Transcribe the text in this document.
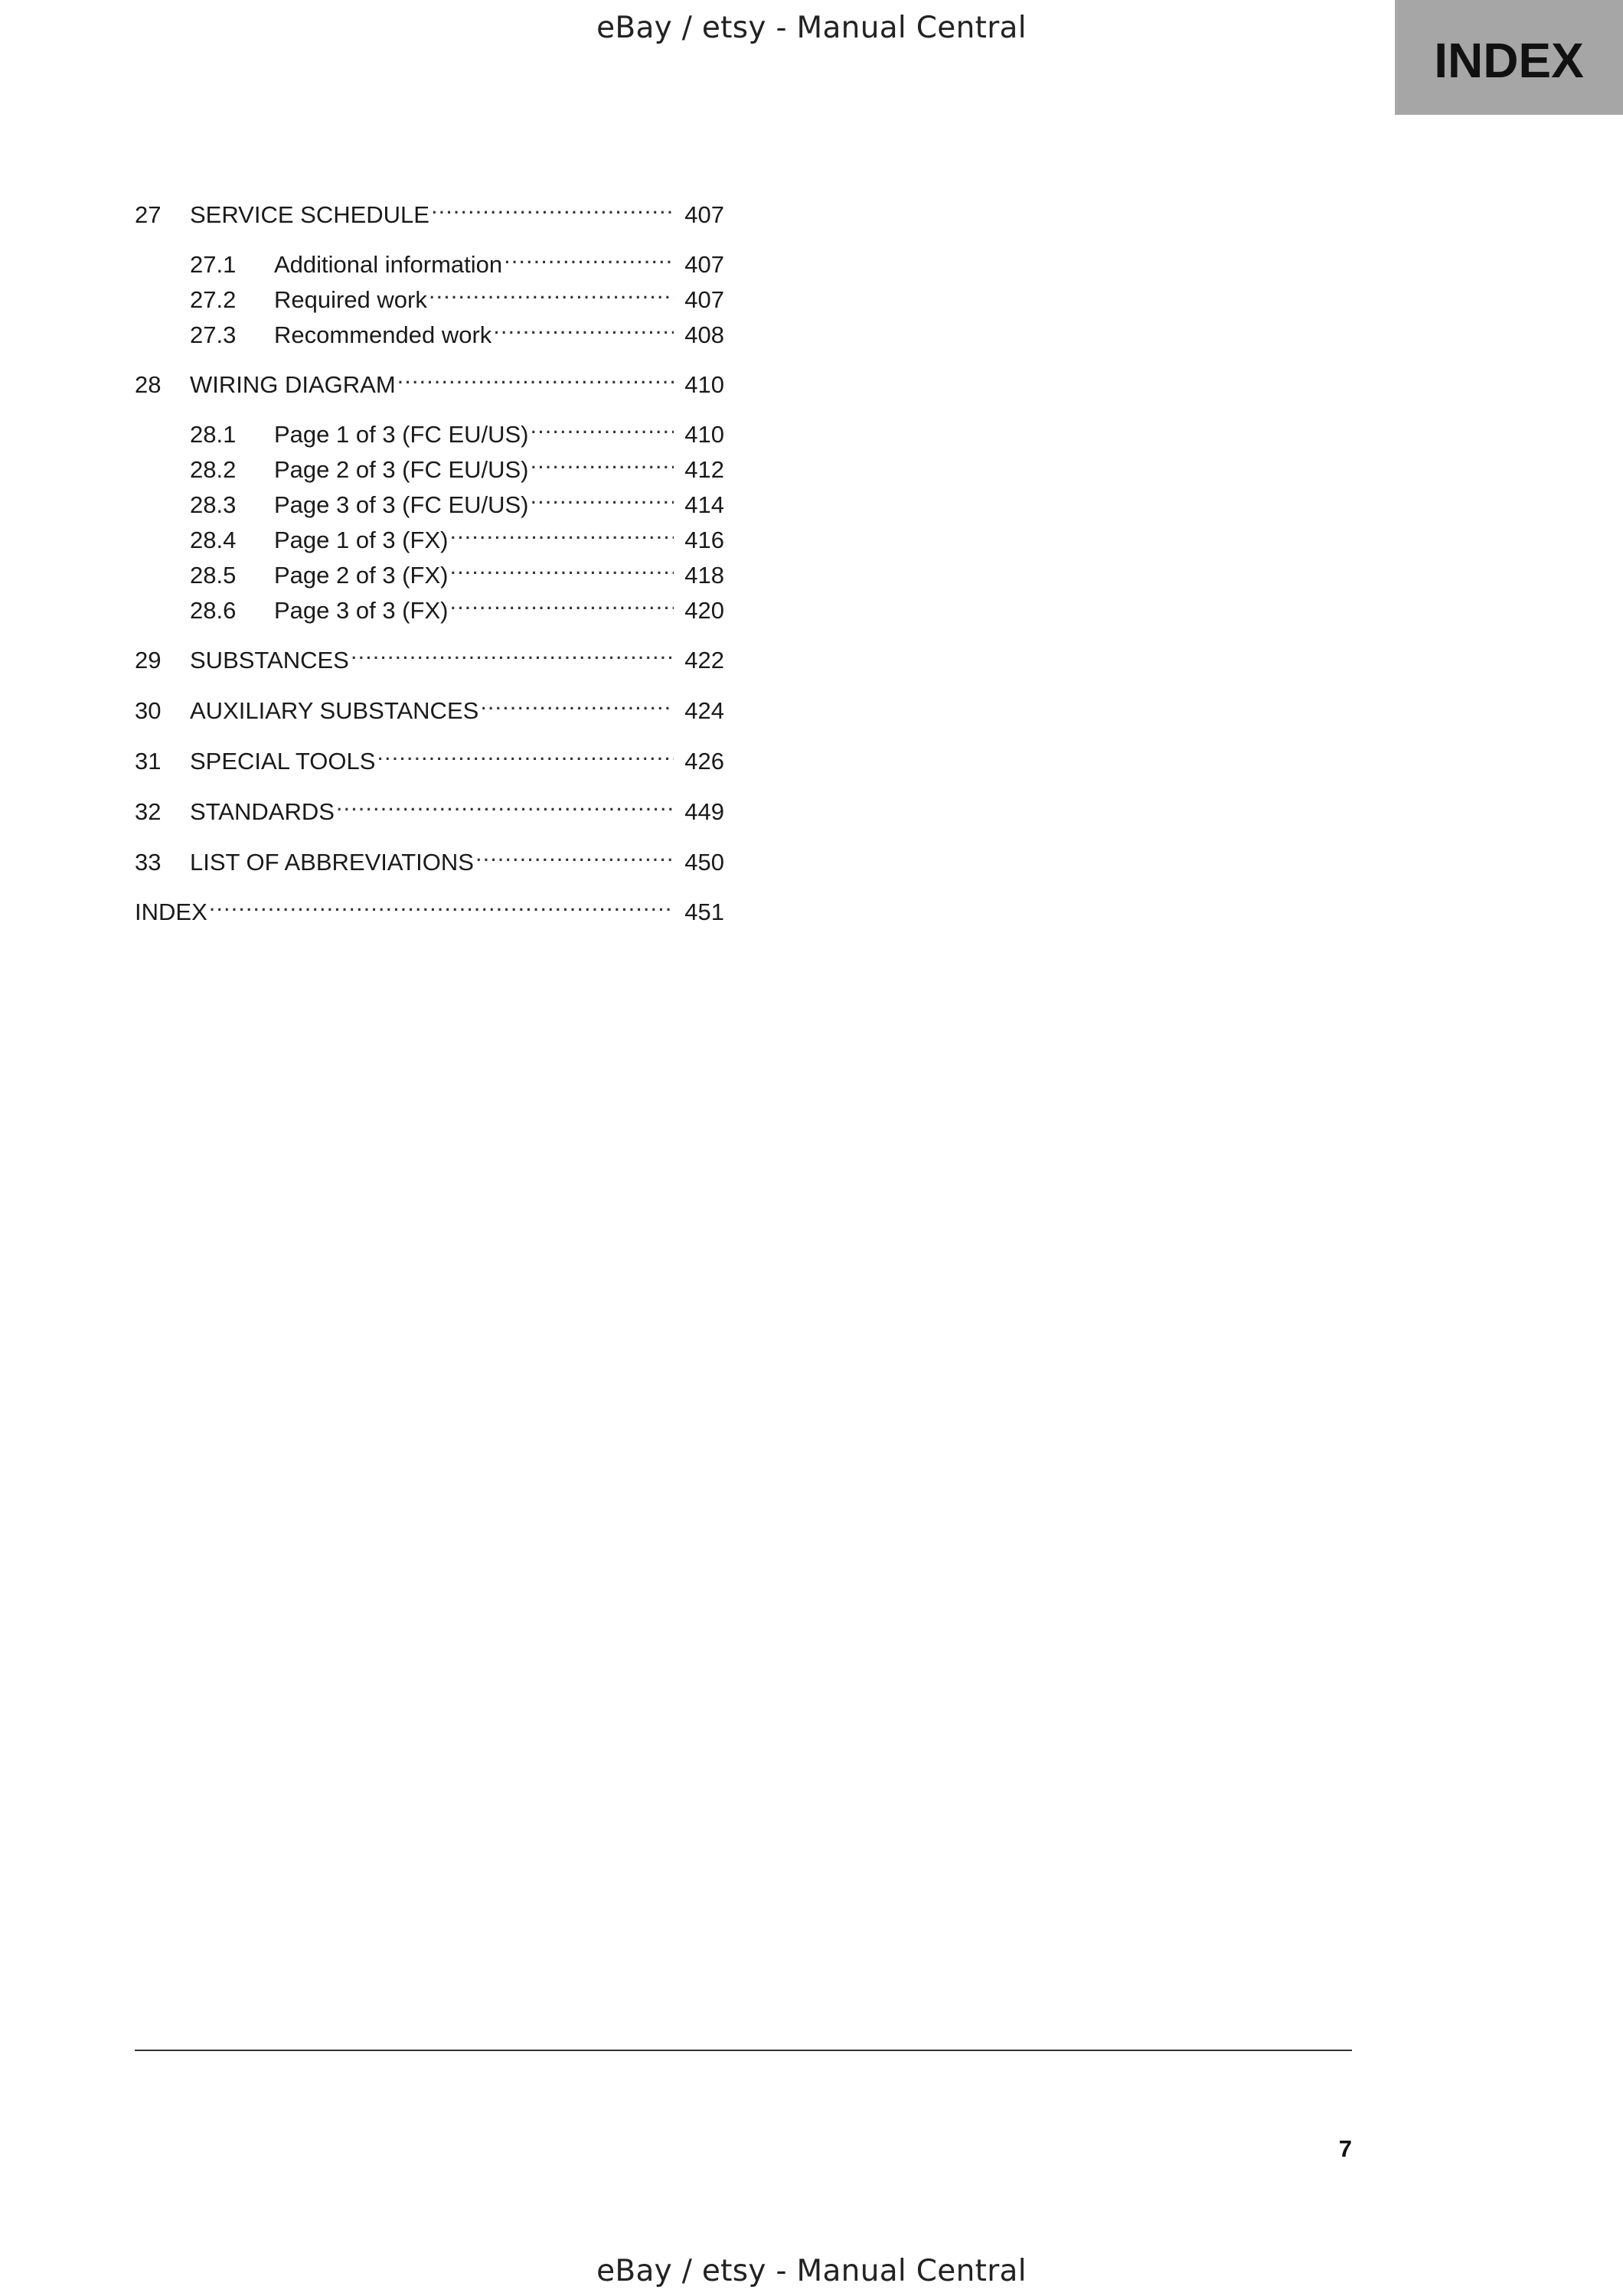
eBay / etsy - Manual Central
INDEX
27	SERVICE SCHEDULE .....	407
27.1	Additional information .....	407
27.2	Required work .....	407
27.3	Recommended work .....	408
28	WIRING DIAGRAM .....	410
28.1	Page 1 of 3 (FC EU/US) .....	410
28.2	Page 2 of 3 (FC EU/US) .....	412
28.3	Page 3 of 3 (FC EU/US) .....	414
28.4	Page 1 of 3 (FX) .....	416
28.5	Page 2 of 3 (FX) .....	418
28.6	Page 3 of 3 (FX) .....	420
29	SUBSTANCES .....	422
30	AUXILIARY SUBSTANCES .....	424
31	SPECIAL TOOLS .....	426
32	STANDARDS .....	449
33	LIST OF ABBREVIATIONS .....	450
INDEX .....	451
7
eBay / etsy - Manual Central
